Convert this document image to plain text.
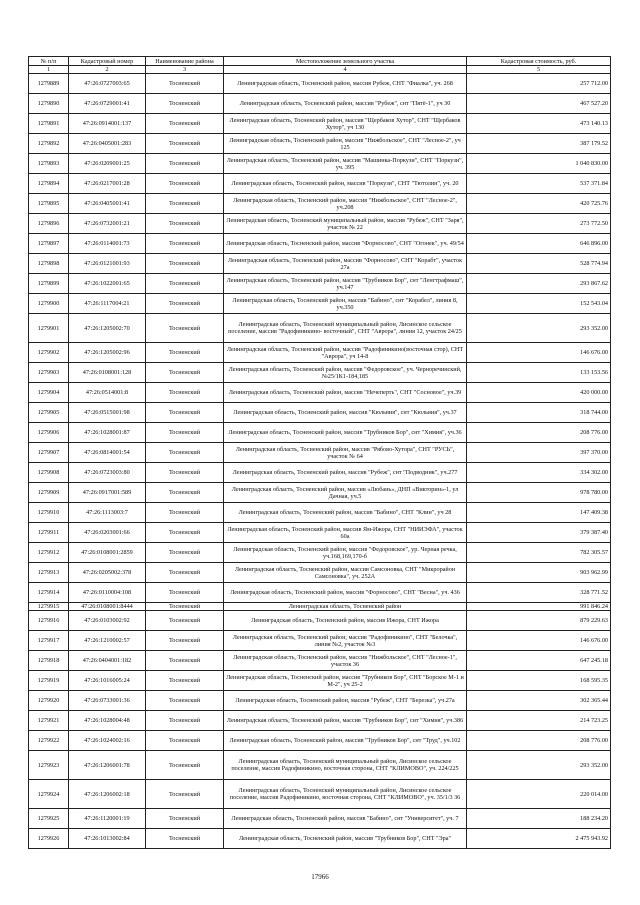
№ п/п	Кадастровый номер	Наименование района	Местоположение земельного участка	Кадастровая стоимость, руб.
1	2	3	4	5
1279889	47:26:0727003:65	Тосненский	Ленинградская область, Тосненский район, массив Рубеж, СНТ "Фиалка", уч. 268	257 712.00
1279890	47:26:0729001:41	Тосненский	Ленинградская область, Тосненский район, массив "Рубеж", снт "Пятё-1", уч 30	467 527.20
1279891	47:26:0914001:137	Тосненский	Ленинградская область, Тосненский район, массив "Щербаков Хутор", СНТ "Щербаков Хутор", уч 130	473 140.13
1279892	47:26:0405001:283	Тосненский	Ленинградская область, Тосненский район, массив "Нижбольское", СНТ "Лесное-2", уч 125	387 179.52
1279893	47:26:0209001:25	Тосненский	Ленинградская область, Тосненский район, массив "Машинка-Поркузи", СНТ "Поркузи", уч. 395	1 040 830.00
1279894	47:26:0217001:28	Тосненский	Ленинградская область, Тосненский район, массив "Поркузи", СНТ "Тютолин", уч. 20	537 371.84
1279895	47:26:0405001:41	Тосненский	Ленинградская область, Тосненский район, массив "Нижбольское", СНТ "Лесное-2", уч.208	420 725.76
1279896	47:26:0732001:21	Тосненский	Ленинградская область, Тосненский муниципальный район, массив "Рубеж", СНТ "Заря", участок № 22	273 772.50
1279897	47:26:0114001:73	Тосненский	Ленинградская область, Тосненский район, массив "Форносово", СНТ "Огонек", уч. 49/54	646 896.00
1279898	47:26:0121001:93	Тосненский	Ленинградская область, Тосненский район, массив "Форносово", СНТ "Корабт", участок 27а	528 774.94
1279899	47:26:1022001:65	Тосненский	Ленинградская область, Тосненский район, массив "Трубников Бор", снт "Ленгтрафмаш", уч.147	293 867.62
1279900	47:26:1117004:21	Тосненский	Ленинградская область, Тосненский район, массив "Бабино", снт "Корабел", линия 8, уч.350	152 543.04
1279901	47:26:1205002:70	Тосненский	Ленинградская область, Тосненский муниципальный район, Лисинское сельское поселение, массив "Радофиникино- восточный", СНТ "Аврора", линия 12, участок 24/25	293 352.00
1279902	47:26:1205002:96	Тосненский	Ленинградская область, Тосненский район, массив "Радофиникино(восточная стор), СНТ "Аврора", уч 14-8	146 676.00
1279903	47:26:0108001:128	Тосненский	Ленинградская область, Тосненский район, массив "Федоровское", уч. Черноречинский, №25/1К1-184,185	133 153.56
1279904	47:26:0514001:8	Тосненский	Ленинградская область, Тосненский район, массив "Нечеперть", СНТ "Сосновое", уч.39	420 000.00
1279905	47:26:0515001:98	Тосненский	Ленинградская область, Тосненский район, массив "Кюльвия", снт "Кюльвия", уч.37	318 744.00
1279906	47:26:1028001:87	Тосненский	Ленинградская область, Тосненский район, массив "Трубников Бор", снт "Химия", уч.36	208 776.00
1279907	47:26:0814001:54	Тосненский	Ленинградская область, Тосненский район, массив "Рябово-Хутора", СНТ "РУСЬ", участок № 64	397 370.00
1279908	47:26:0723003:80	Тосненский	Ленинградская область, Тосненский район, массив "Рубеж", снт "Подводник", уч.277	334 302.00
1279909	47:26:0917001:589	Тосненский	Ленинградская область, Тосненский район, массив «Любань», ДНП «Викторин»-1, ул Дачная, уч.5	978 780.00
1279910	47:26:1113003:7	Тосненский	Ленинградская область, Тосненский район, массив "Бабино", СНТ "Клин", уч 28	147 409.38
1279911	47:26:0203001:66	Тосненский	Ленинградская область, Тосненский район, массив Ям-Ижора, СНТ "НИИЭФА", участок 60а	379 387.40
1279912	47:26:0108001:2859	Тосненский	Ленинградская область, Тосненский район, массив "Федоровское", ур. Черная речка, уч.168,169,170-б	782 305.57
1279913	47:26:0205002:378	Тосненский	Ленинградская область, Тосненский район, массив Самсоновка, СНТ "Микрорайон Самсоновка", уч. 252А	903 962.99
1279914	47:26:0110004:108	Тосненский	Ленинградская область, Тосненский район, массив "Форносово", СНТ "Весна", уч. 436	328 771.52
1279915	47:26:0108001:8444	Тосненский	Ленинградская область, Тосненский район	991 846.24
1279916	47:26:0103002:92	Тосненский	Ленинградская область, Тосненский район, массив Ижора, СНТ Ижора	879 229.63
1279917	47:26:1210002:57	Тосненский	Ленинградская область, Тосненский район, массив "Радофиникино", СНТ "Белочка", линия №2, участок №3	146 676.00
1279918	47:26:0404001:182	Тосненский	Ленинградская область, Тосненский район, массив "Нижбольское", СНТ "Лесное-1", участок 36	647 245.18
1279919	47:26:1016005:24	Тосненский	Ленинградская область, Тосненский район, массив "Трубников Бор", СНТ "Борское М-1 и М-2", уч 25-2	168 595.35
1279920	47:26:0733001:36	Тосненский	Ленинградская область, Тосненский район, массив "Рубеж", СНТ "Березка", уч.27а	302 365.44
1279921	47:26:1028004:48	Тосненский	Ленинградская область, Тосненский район, массив "Трубников Бор", снт "Химия", уч.386	214 723.25
1279922	47:26:1024002:16	Тосненский	Ленинградская область, Тосненский район, массив "Трубников Бор", снт "Труд", уч.102	208 776.00
1279923	47:26:1206001:78	Тосненский	Ленинградская область, Тосненский муниципальный район, Лисинское сельское поселение, массив Радофиникино, восточная сторона, СНТ "КЛИМОВО", уч. 224/225	293 352.00
1279924	47:26:1206002:18	Тосненский	Ленинградская область, Тосненский муниципальный район, Лисинское сельское поселение, массив Радофиникино, восточная сторона, СНТ "КЛИМОВО", уч. 35/1/3 36	220 014.00
1279925	47:26:1120001:19	Тосненский	Ленинградская область, Тосненский район, массив "Бабино", снт "Университет", уч. 7	188 234.20
1279926	47:26:1013002:84	Тосненский	Ленинградская область, Тосненский район, массив "Трубников Бор", СНТ "Эра"	2 475 943.92
17966
